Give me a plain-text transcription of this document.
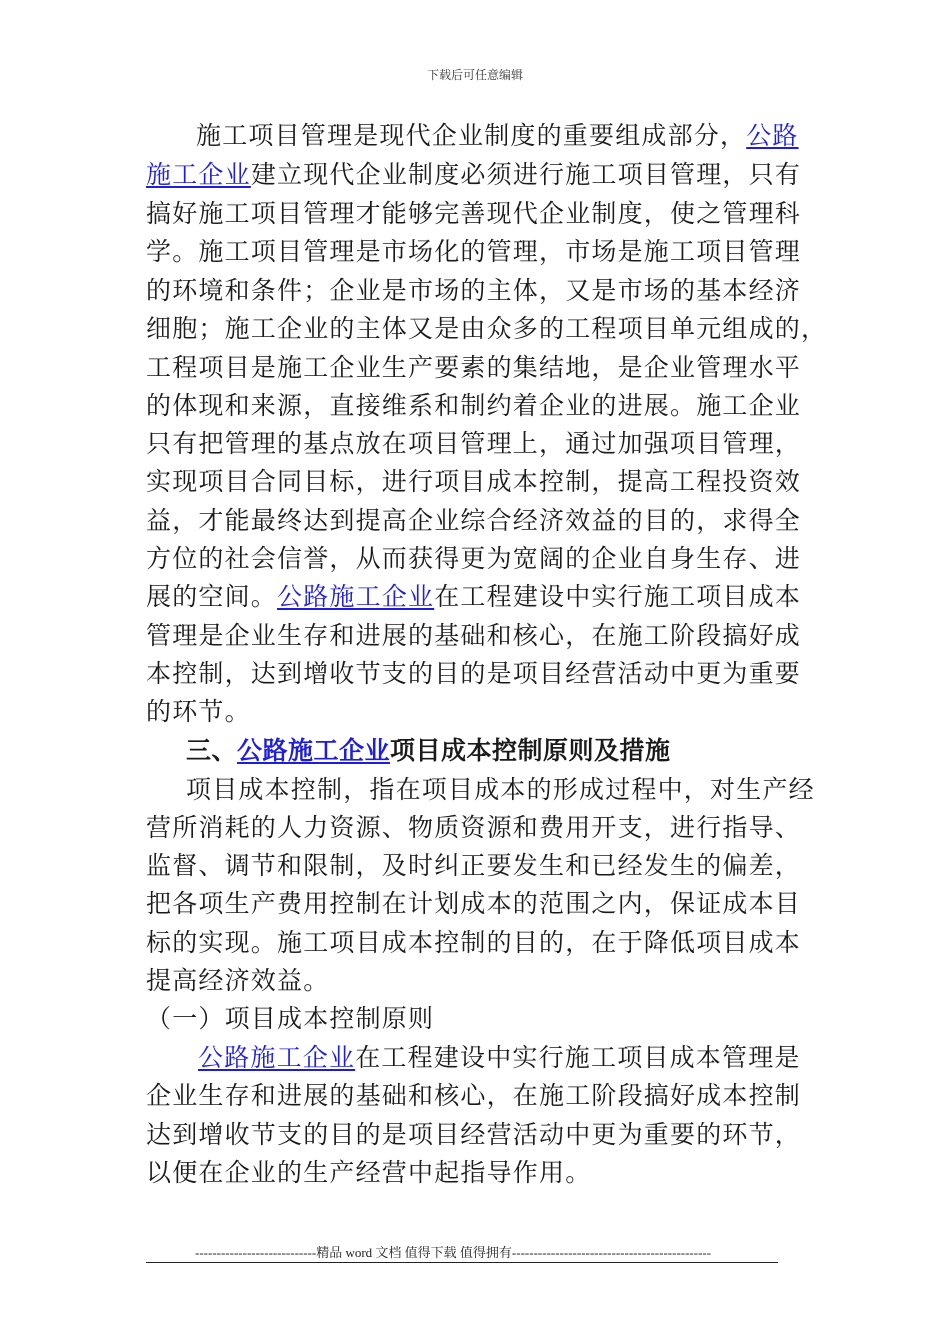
下载后可任意编辑
施工项目管理是现代企业制度的重要组成部分，公路
施工企业建立现代企业制度必须进行施工项目管理，只有
搞好施工项目管理才能够完善现代企业制度，使之管理科
学。施工项目管理是市场化的管理，市场是施工项目管理
的环境和条件；企业是市场的主体，又是市场的基本经济
细胞；施工企业的主体又是由众多的工程项目单元组成的，
工程项目是施工企业生产要素的集结地，是企业管理水平
的体现和来源，直接维系和制约着企业的进展。施工企业
只有把管理的基点放在项目管理上，通过加强项目管理，
实现项目合同目标，进行项目成本控制，提高工程投资效
益，才能最终达到提高企业综合经济效益的目的，求得全
方位的社会信誉，从而获得更为宽阔的企业自身生存、进
展的空间。公路施工企业在工程建设中实行施工项目成本
管理是企业生存和进展的基础和核心，在施工阶段搞好成
本控制，达到增收节支的目的是项目经营活动中更为重要
的环节。
三、公路施工企业项目成本控制原则及措施
项目成本控制，指在项目成本的形成过程中，对生产经
营所消耗的人力资源、物质资源和费用开支，进行指导、
监督、调节和限制，及时纠正要发生和已经发生的偏差，
把各项生产费用控制在计划成本的范围之内，保证成本目
标的实现。施工项目成本控制的目的，在于降低项目成本
提高经济效益。
（一）项目成本控制原则
公路施工企业在工程建设中实行施工项目成本管理是
企业生存和进展的基础和核心，在施工阶段搞好成本控制
达到增收节支的目的是项目经营活动中更为重要的环节，
以便在企业的生产经营中起指导作用。
----------------------------精品 word 文档 值得下载 值得拥有----------------------------------------------
